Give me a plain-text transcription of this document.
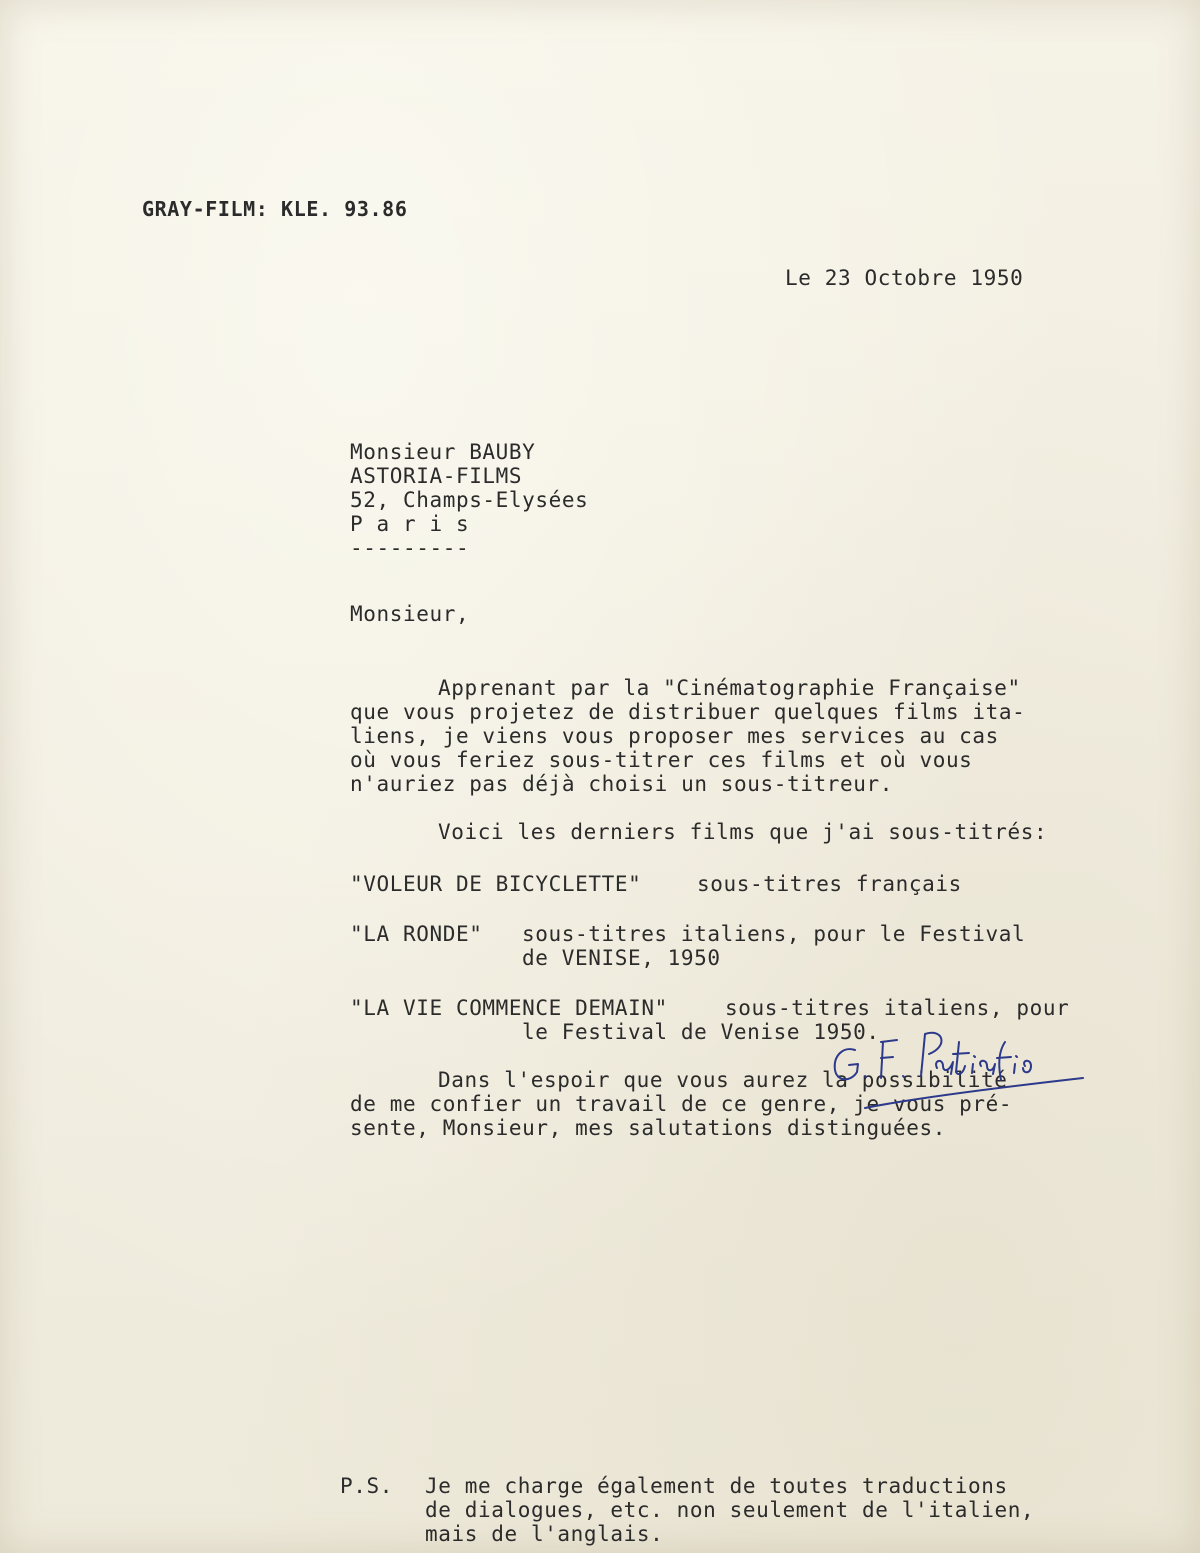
GRAY-FILM: KLE. 93.86
Le 23 Octobre 1950
Monsieur BAUBY
ASTORIA-FILMS
52, Champs-Elysées
P a r i s
---------
Monsieur,
Apprenant par la "Cinématographie Française"
que vous projetez de distribuer quelques films ita-
liens, je viens vous proposer mes services au cas
où vous feriez sous-titrer ces films et où vous
n'auriez pas déjà choisi un sous-titreur.
Voici les derniers films que j'ai sous-titrés:
"VOLEUR DE BICYCLETTE"	sous-titres français
"LA RONDE" sous-titres italiens, pour le Festival
de VENISE, 1950
"LA VIE COMMENCE DEMAIN"	sous-titres italiens, pour
le Festival de Venise 1950.
Dans l'espoir que vous aurez la possibilité
de me confier un travail de ce genre, je vous pré-
sente, Monsieur, mes salutations distinguées.
P.S. Je me charge également de toutes traductions
de dialogues, etc. non seulement de l'italien,
mais de l'anglais.
